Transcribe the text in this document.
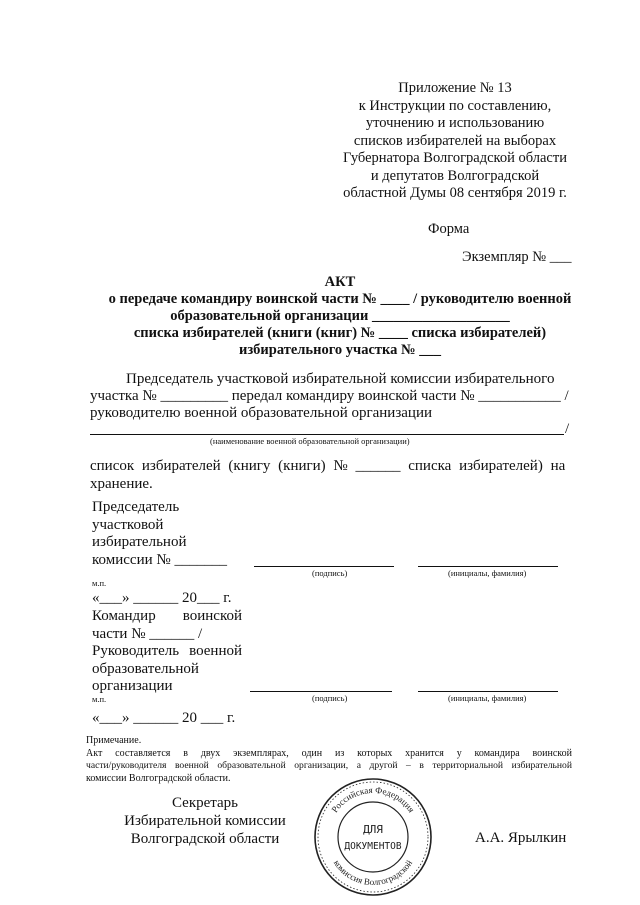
Приложение № 13
к Инструкции по составлению,
уточнению и использованию
списков избирателей на выборах
Губернатора Волгоградской области
и депутатов Волгоградской
областной Думы 08 сентября 2019 г.
Форма
Экземпляр № ___
АКТ
о передаче командиру воинской части № ____ / руководителю военной
образовательной организации ___________________
списка избирателей (книги (книг) № ____ списка избирателей)
избирательного участка № ___
Председатель участковой избирательной комиссии избирательного
участка № _________ передал командиру воинской части № ___________ /
руководителю военной образовательной организации
/
(наименование военной образовательной организации)
список избирателей (книгу (книги) № ______ списка избирателей) на
хранение.
Председатель
участковой
избирательной
комиссии № _______
(подпись)	(инициалы, фамилия)
м.п.
«___» ______ 20___ г.
Командир воинской
части № ______ /
Руководитель военной
образовательной
организации
(подпись)	(инициалы, фамилия)
м.п.
«___» ______ 20 ___ г.
Примечание.
Акт составляется в двух экземплярах, один из которых хранится у командира воинской
части/руководителя военной образовательной организации, а другой – в территориальной избирательной
комиссии Волгоградской области.
Секретарь
Избирательной комиссии
Волгоградской области	А.А. Ярылкин
Российская Федерация
комиссия Волгоградской
ДЛЯ
ДОКУМЕНТОВ
